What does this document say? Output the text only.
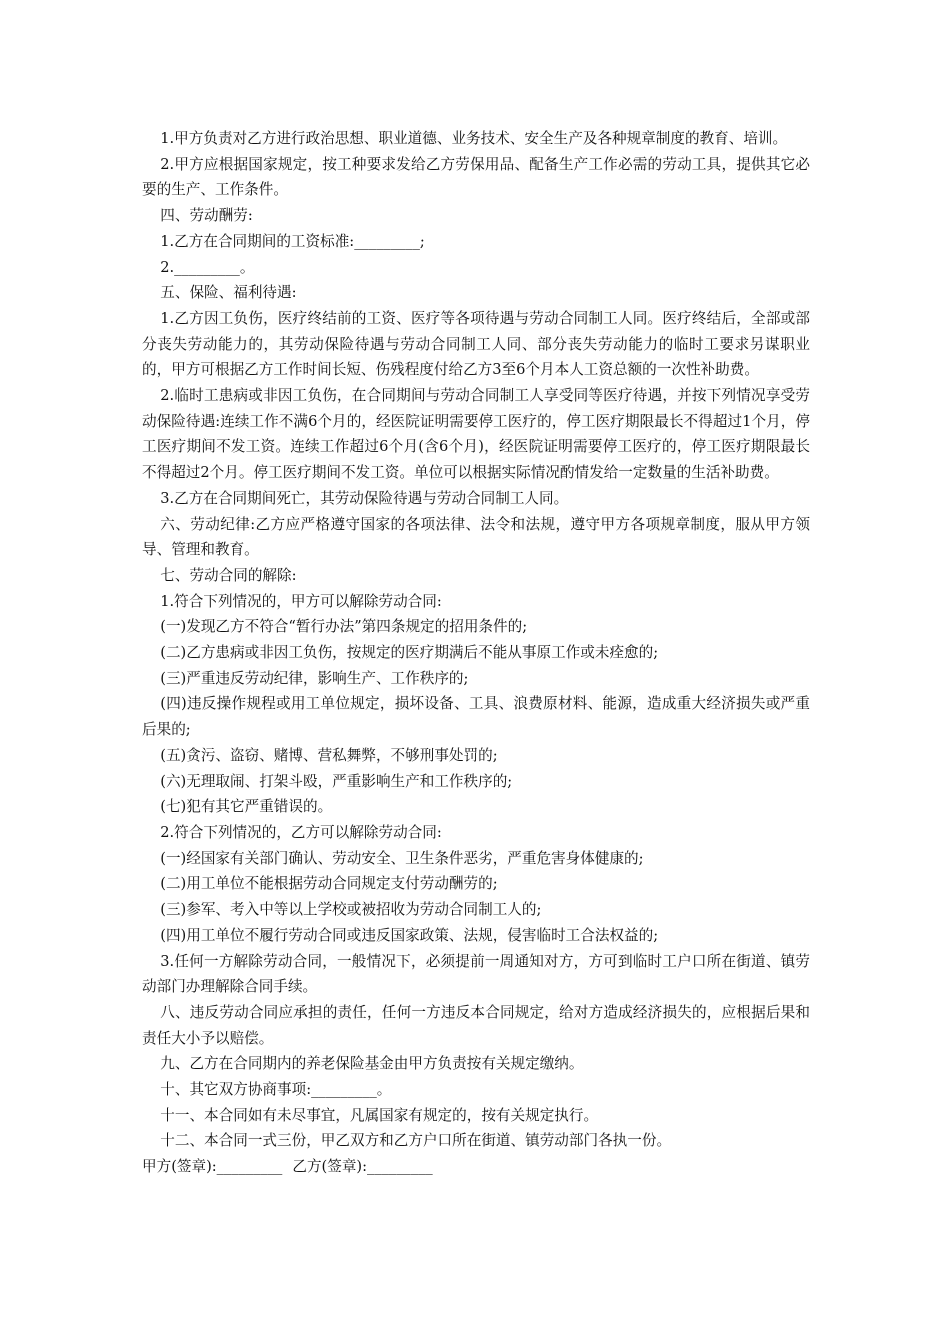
1.甲方负责对乙方进行政治思想、职业道德、业务技术、安全生产及各种规章制度的教育、培训。

2.甲方应根据国家规定，按工种要求发给乙方劳保用品、配备生产工作必需的劳动工具，提供其它必要的生产、工作条件。

四、劳动酬劳:

1.乙方在合同期间的工资标准:_________;

2._________。

五、保险、福利待遇:

1.乙方因工负伤，医疗终结前的工资、医疗等各项待遇与劳动合同制工人同。医疗终结后，全部或部分丧失劳动能力的，其劳动保险待遇与劳动合同制工人同、部分丧失劳动能力的临时工要求另谋职业的，甲方可根据乙方工作时间长短、伤残程度付给乙方3至6个月本人工资总额的一次性补助费。

2.临时工患病或非因工负伤，在合同期间与劳动合同制工人享受同等医疗待遇，并按下列情况享受劳动保险待遇:连续工作不满6个月的，经医院证明需要停工医疗的，停工医疗期限最长不得超过1个月，停工医疗期间不发工资。连续工作超过6个月(含6个月)，经医院证明需要停工医疗的，停工医疗期限最长不得超过2个月。停工医疗期间不发工资。单位可以根据实际情况酌情发给一定数量的生活补助费。

3.乙方在合同期间死亡，其劳动保险待遇与劳动合同制工人同。

六、劳动纪律:乙方应严格遵守国家的各项法律、法令和法规，遵守甲方各项规章制度，服从甲方领导、管理和教育。

七、劳动合同的解除:

1.符合下列情况的，甲方可以解除劳动合同:

(一)发现乙方不符合“暂行办法”第四条规定的招用条件的;

(二)乙方患病或非因工负伤，按规定的医疗期满后不能从事原工作或未痊愈的;

(三)严重违反劳动纪律，影响生产、工作秩序的;

(四)违反操作规程或用工单位规定，损坏设备、工具、浪费原材料、能源，造成重大经济损失或严重后果的;

(五)贪污、盗窃、赌博、营私舞弊，不够刑事处罚的;

(六)无理取闹、打架斗殴，严重影响生产和工作秩序的;

(七)犯有其它严重错误的。

2.符合下列情况的，乙方可以解除劳动合同:

(一)经国家有关部门确认、劳动安全、卫生条件恶劣，严重危害身体健康的;

(二)用工单位不能根据劳动合同规定支付劳动酬劳的;

(三)参军、考入中等以上学校或被招收为劳动合同制工人的;

(四)用工单位不履行劳动合同或违反国家政策、法规，侵害临时工合法权益的;

3.任何一方解除劳动合同，一般情况下，必须提前一周通知对方，方可到临时工户口所在街道、镇劳动部门办理解除合同手续。

八、违反劳动合同应承担的责任，任何一方违反本合同规定，给对方造成经济损失的，应根据后果和责任大小予以赔偿。

九、乙方在合同期内的养老保险基金由甲方负责按有关规定缴纳。

十、其它双方协商事项:_________。

十一、本合同如有未尽事宜，凡属国家有规定的，按有关规定执行。

十二、本合同一式三份，甲乙双方和乙方户口所在街道、镇劳动部门各执一份。

甲方(签章):_________ 乙方(签章):_________
